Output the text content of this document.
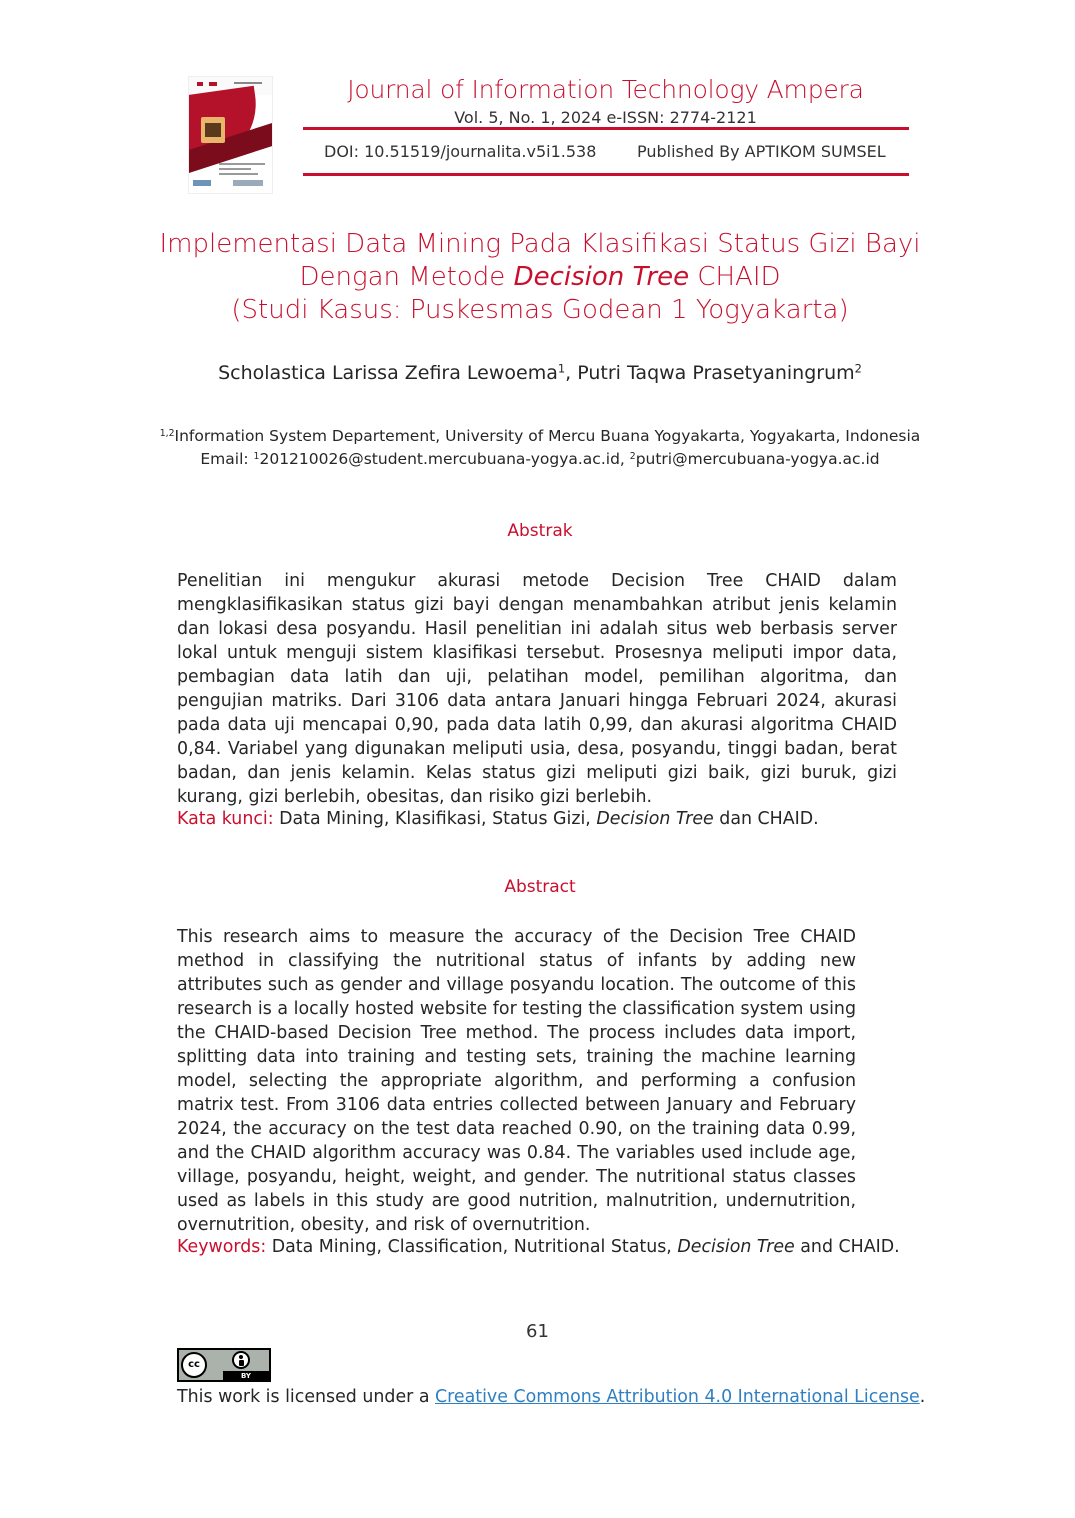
Journal of Information Technology Ampera
Vol. 5, No. 1, 2024 e-ISSN: 2774-2121
DOI: 10.51519/journalita.v5i1.538	Published By APTIKOM SUMSEL
Implementasi Data Mining Pada Klasifikasi Status Gizi Bayi
Dengan Metode Decision Tree CHAID
(Studi Kasus: Puskesmas Godean 1 Yogyakarta)
Scholastica Larissa Zefira Lewoema$^1$, Putri Taqwa Prasetyaningrum$^2$
$^{1,2}$Information System Departement, University of Mercu Buana Yogyakarta, Yogyakarta, Indonesia
Email: $^1$201210026@student.mercubuana-yogya.ac.id, $^2$putri@mercubuana-yogya.ac.id
Abstrak

Penelitian ini mengukur akurasi metode Decision Tree CHAID dalam mengklasifikasikan status gizi bayi dengan menambahkan atribut jenis kelamin dan lokasi desa posyandu. Hasil penelitian ini adalah situs web berbasis server lokal untuk menguji sistem klasifikasi tersebut. Prosesnya meliputi impor data, pembagian data latih dan uji, pelatihan model, pemilihan algoritma, dan pengujian matriks. Dari 3106 data antara Januari hingga Februari 2024, akurasi pada data uji mencapai 0,90, pada data latih 0,99, dan akurasi algoritma CHAID 0,84. Variabel yang digunakan meliputi usia, desa, posyandu, tinggi badan, berat badan, dan jenis kelamin. Kelas status gizi meliputi gizi baik, gizi buruk, gizi kurang, gizi berlebih, obesitas, dan risiko gizi berlebih.

Kata kunci: Data Mining, Klasifikasi, Status Gizi, Decision Tree dan CHAID.
Abstract

This research aims to measure the accuracy of the Decision Tree CHAID method in classifying the nutritional status of infants by adding new attributes such as gender and village posyandu location. The outcome of this research is a locally hosted website for testing the classification system using the CHAID-based Decision Tree method. The process includes data import, splitting data into training and testing sets, training the machine learning model, selecting the appropriate algorithm, and performing a confusion matrix test. From 3106 data entries collected between January and February 2024, the accuracy on the test data reached 0.90, on the training data 0.99, and the CHAID algorithm accuracy was 0.84. The variables used include age, village, posyandu, height, weight, and gender. The nutritional status classes used as labels in this study are good nutrition, malnutrition, undernutrition, overnutrition, obesity, and risk of overnutrition.

Keywords: Data Mining, Classification, Nutritional Status, Decision Tree and CHAID.
61
cc
BY
This work is licensed under a Creative Commons Attribution 4.0 International License.
